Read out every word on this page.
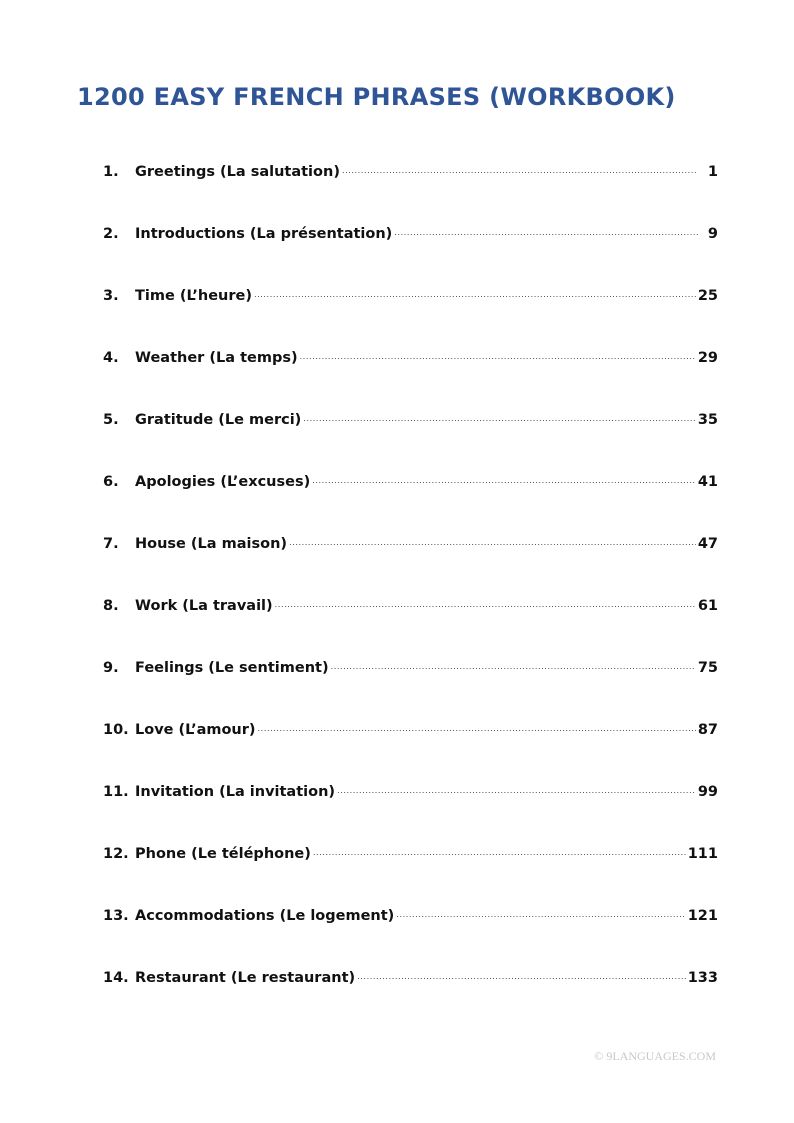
1200 EASY FRENCH PHRASES (WORKBOOK)
1.	Greetings (La salutation) .....	1
2.	Introductions (La présentation) .....	9
3.	Time (L’heure) .....	25
4.	Weather (La temps) .....	29
5.	Gratitude (Le merci) .....	35
6.	Apologies (L’excuses) .....	41
7.	House (La maison) .....	47
8.	Work (La travail) .....	61
9.	Feelings (Le sentiment) .....	75
10. Love (L’amour) .....	87
11. Invitation (La invitation) .....	99
12. Phone (Le téléphone) .....	111
13. Accommodations (Le logement) .....	121
14. Restaurant (Le restaurant) .....	133
© 9LANGUAGES.COM
